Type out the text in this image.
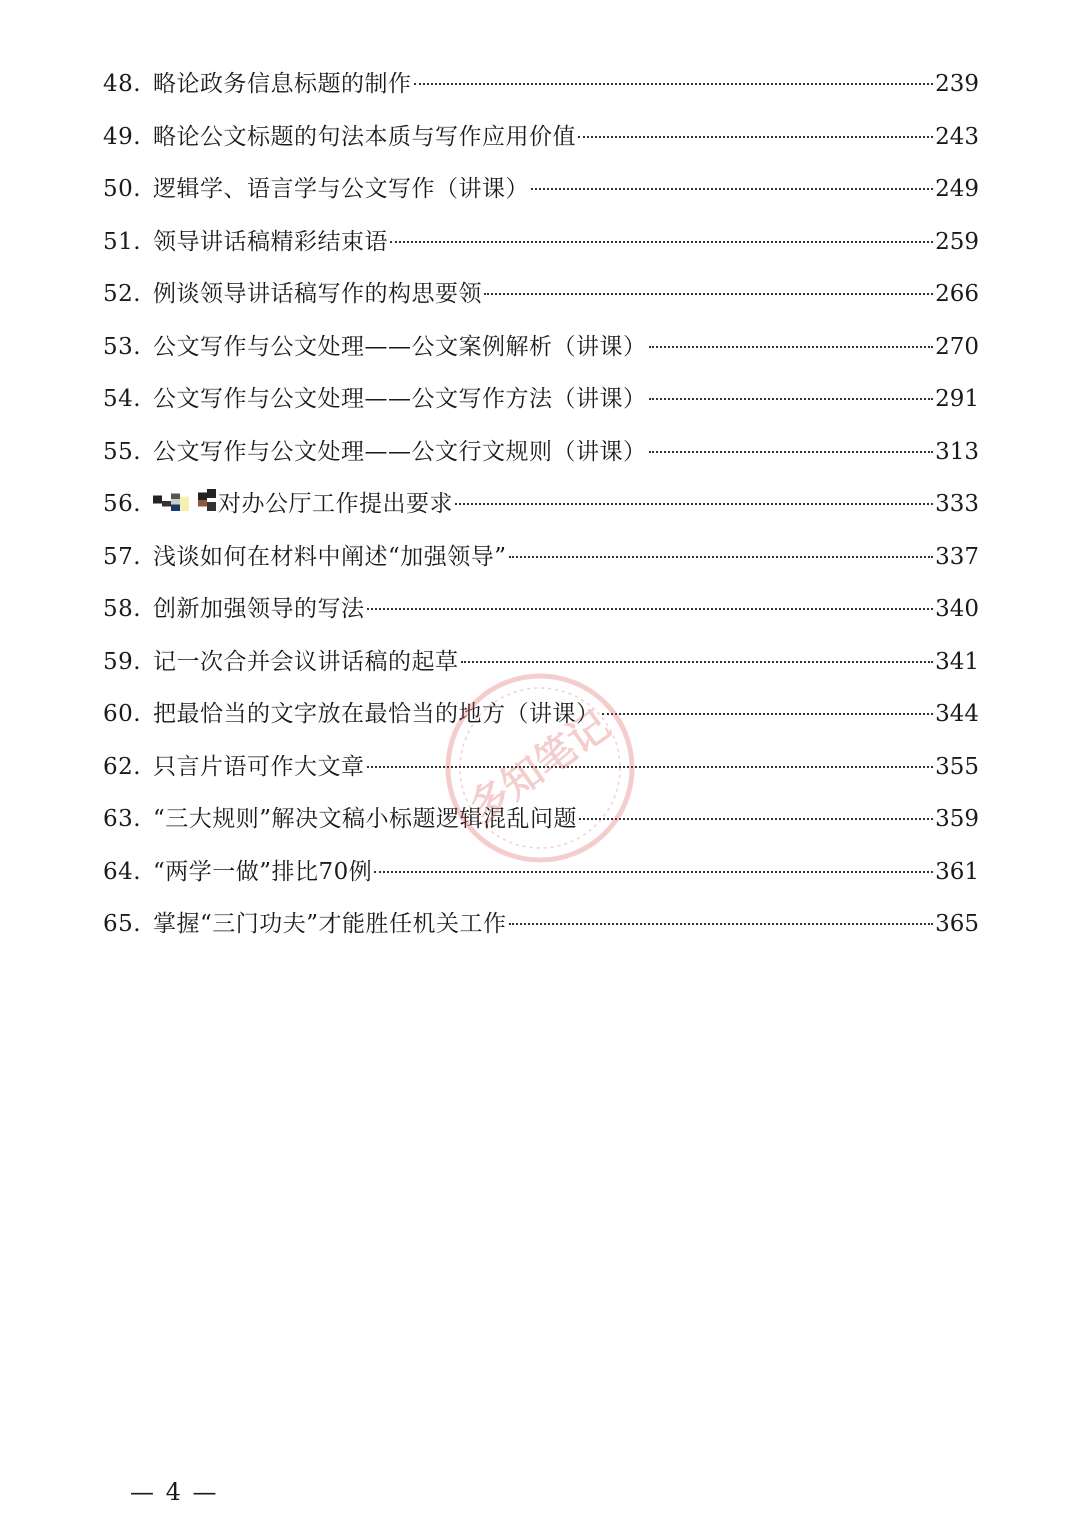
48. 略论政务信息标题的制作	239
49. 略论公文标题的句法本质与写作应用价值	243
50. 逻辑学、语言学与公文写作（讲课）	249
51. 领导讲话稿精彩结束语	259
52. 例谈领导讲话稿写作的构思要领	266
53. 公文写作与公文处理——公文案例解析（讲课）	270
54. 公文写作与公文处理——公文写作方法（讲课）	291
55. 公文写作与公文处理——公文行文规则（讲课）	313
56.	对办公厅工作提出要求	333
57. 浅谈如何在材料中阐述“加强领导”	337
58. 创新加强领导的写法	340
59. 记一次合并会议讲话稿的起草	341
60. 把最恰当的文字放在最恰当的地方（讲课）	344
62. 只言片语可作大文章	355
63. “三大规则”解决文稿小标题逻辑混乱问题	359
64. “两学一做”排比70例	361
65. 掌握“三门功夫”才能胜任机关工作	365
多知笔记
— 4 —
